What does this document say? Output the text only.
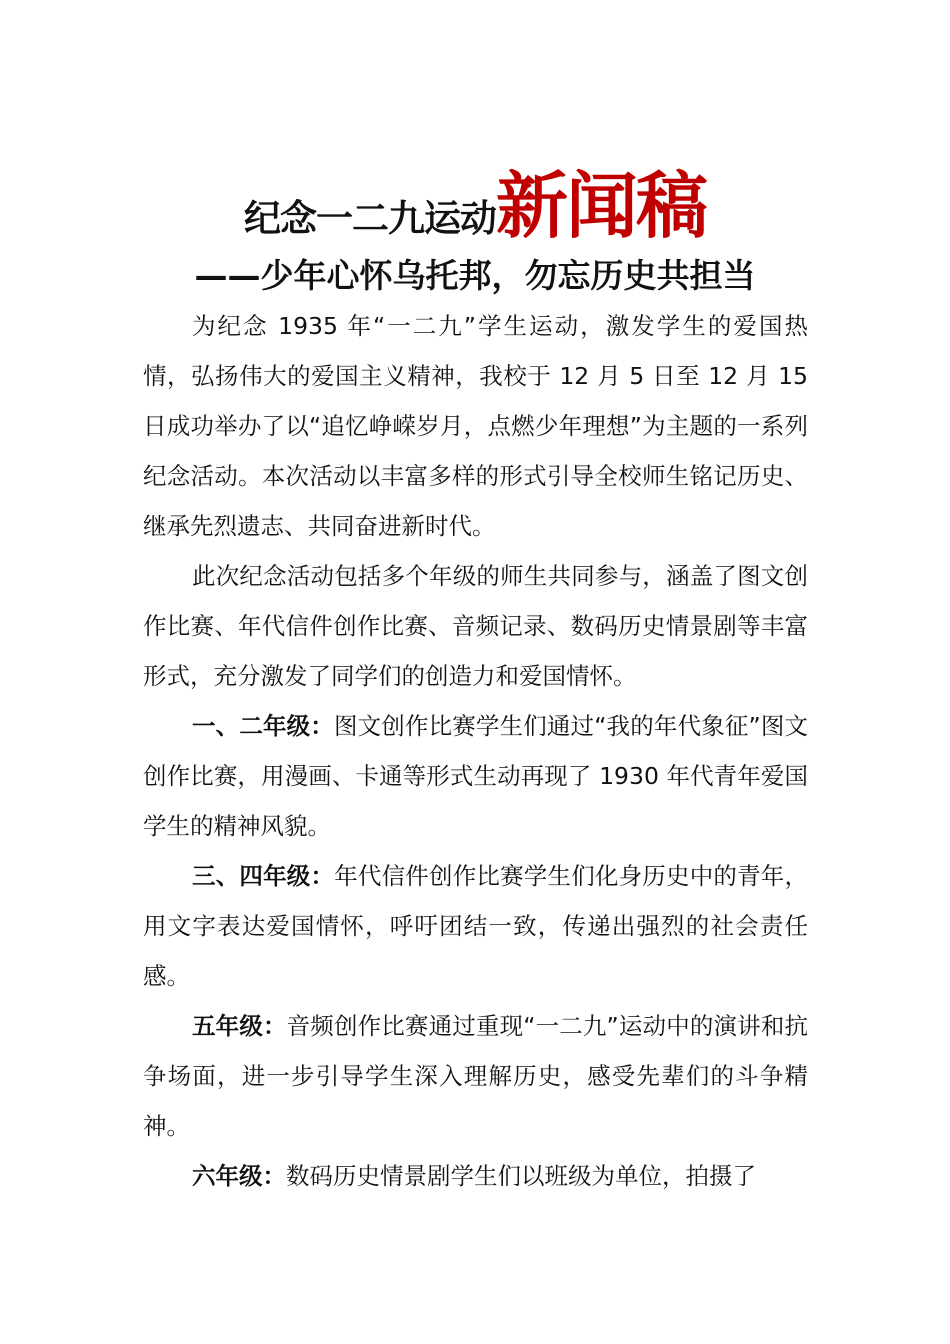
纪念一二九运动新闻稿
——少年心怀乌托邦，勿忘历史共担当

为纪念 1935 年“一二九”学生运动，激发学生的爱国热情，弘扬伟大的爱国主义精神，我校于 12 月 5 日至 12 月 15 日成功举办了以“追忆峥嵘岁月，点燃少年理想”为主题的一系列纪念活动。本次活动以丰富多样的形式引导全校师生铭记历史、继承先烈遗志、共同奋进新时代。

此次纪念活动包括多个年级的师生共同参与，涵盖了图文创作比赛、年代信件创作比赛、音频记录、数码历史情景剧等丰富形式，充分激发了同学们的创造力和爱国情怀。

一、二年级：图文创作比赛学生们通过“我的年代象征”图文创作比赛，用漫画、卡通等形式生动再现了 1930 年代青年爱国学生的精神风貌。

三、四年级：年代信件创作比赛学生们化身历史中的青年，用文字表达爱国情怀，呼吁团结一致，传递出强烈的社会责任感。

五年级：音频创作比赛通过重现“一二九”运动中的演讲和抗争场面，进一步引导学生深入理解历史，感受先辈们的斗争精神。

六年级：数码历史情景剧学生们以班级为单位，拍摄了
